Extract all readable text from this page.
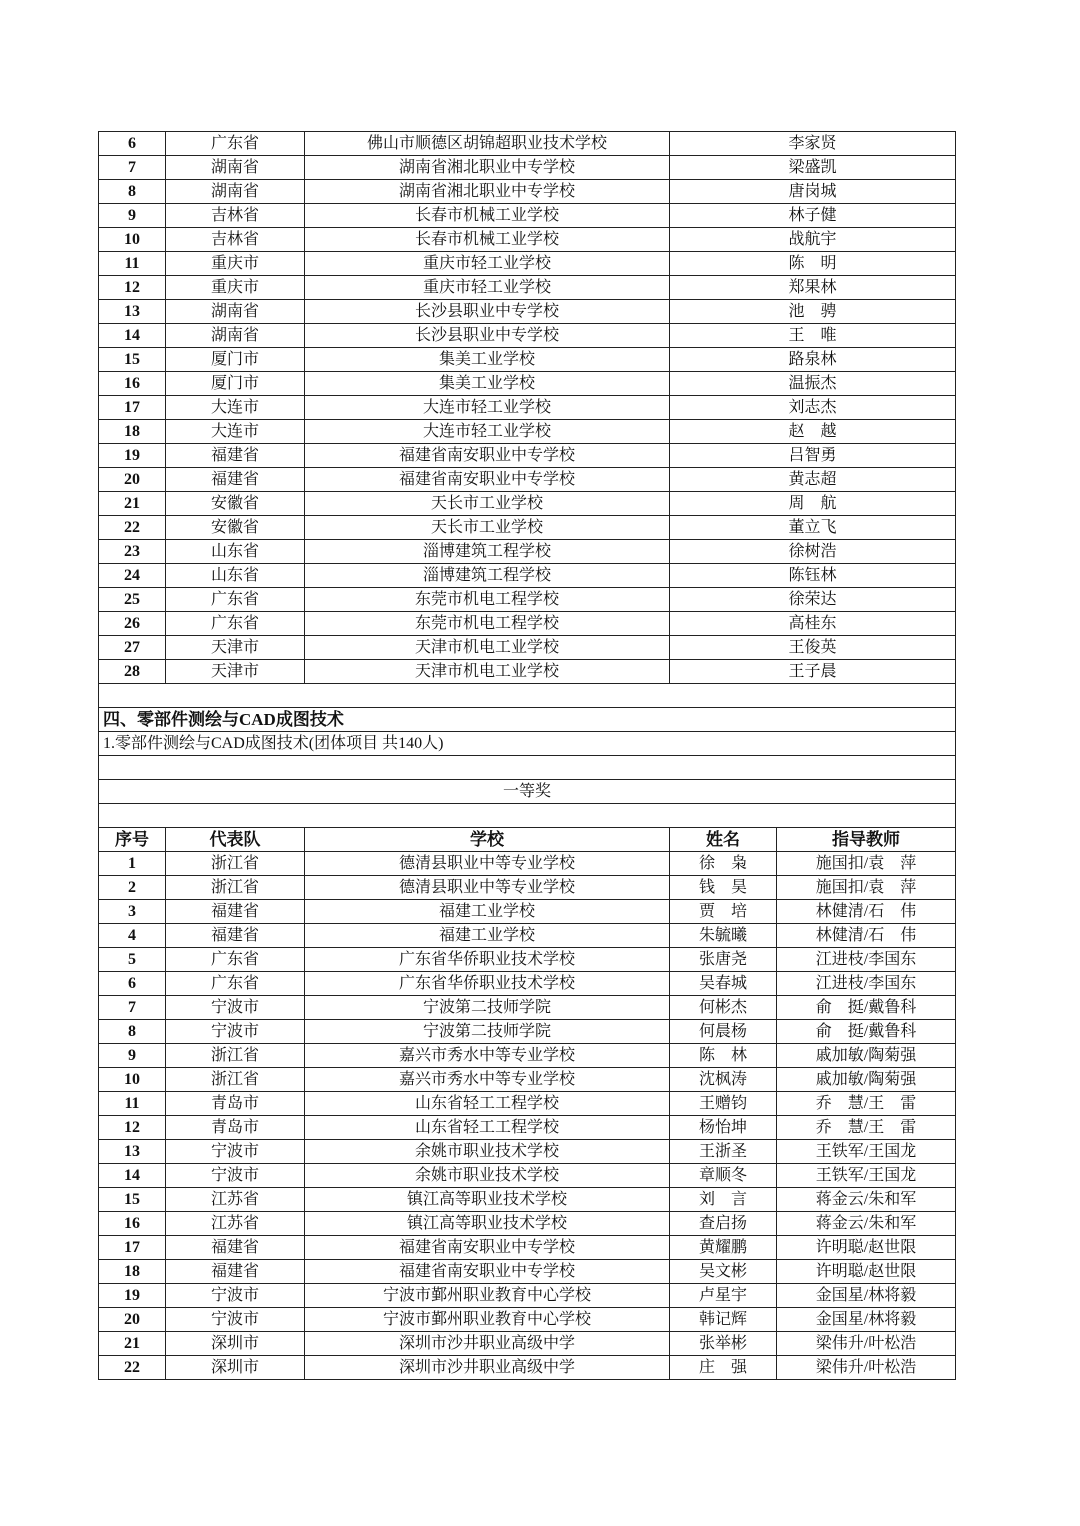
6	广东省	佛山市顺德区胡锦超职业技术学校	李家贤	
7	湖南省	湖南省湘北职业中专学校	梁盛凯	
8	湖南省	湖南省湘北职业中专学校	唐岗城	
9	吉林省	长春市机械工业学校	林子健	
10	吉林省	长春市机械工业学校	战航宇	
11	重庆市	重庆市轻工业学校	陈　明	
12	重庆市	重庆市轻工业学校	郑果林	
13	湖南省	长沙县职业中专学校	池　骋	
14	湖南省	长沙县职业中专学校	王　唯	
15	厦门市	集美工业学校	路泉林	
16	厦门市	集美工业学校	温振杰	
17	大连市	大连市轻工业学校	刘志杰	
18	大连市	大连市轻工业学校	赵　越	
19	福建省	福建省南安职业中专学校	吕智勇	
20	福建省	福建省南安职业中专学校	黄志超	
21	安徽省	天长市工业学校	周　航	
22	安徽省	天长市工业学校	董立飞	
23	山东省	淄博建筑工程学校	徐树浩	
24	山东省	淄博建筑工程学校	陈钰林	
25	广东省	东莞市机电工程学校	徐荣达	
26	广东省	东莞市机电工程学校	高桂东	
27	天津市	天津市机电工业学校	王俊英	
28	天津市	天津市机电工业学校	王子晨	

四、零部件测绘与CAD成图技术				
1.零部件测绘与CAD成图技术(团体项目 共140人)				

一等奖				

序号	代表队	学校	姓名	指导教师
1	浙江省	德清县职业中等专业学校	徐　枭	施国扣/袁　萍
2	浙江省	德清县职业中等专业学校	钱　昊	施国扣/袁　萍
3	福建省	福建工业学校	贾　培	林健清/石　伟
4	福建省	福建工业学校	朱毓曦	林健清/石　伟
5	广东省	广东省华侨职业技术学校	张唐尧	江进枝/李国东
6	广东省	广东省华侨职业技术学校	吴春城	江进枝/李国东
7	宁波市	宁波第二技师学院	何彬杰	俞　挺/戴鲁科
8	宁波市	宁波第二技师学院	何晨杨	俞　挺/戴鲁科
9	浙江省	嘉兴市秀水中等专业学校	陈　林	戚加敏/陶菊强
10	浙江省	嘉兴市秀水中等专业学校	沈枫涛	戚加敏/陶菊强
11	青岛市	山东省轻工工程学校	王赠钧	乔　慧/王　雷
12	青岛市	山东省轻工工程学校	杨怡坤	乔　慧/王　雷
13	宁波市	余姚市职业技术学校	王浙圣	王铁军/王国龙
14	宁波市	余姚市职业技术学校	章顺冬	王铁军/王国龙
15	江苏省	镇江高等职业技术学校	刘　言	蒋金云/朱和军
16	江苏省	镇江高等职业技术学校	查启扬	蒋金云/朱和军
17	福建省	福建省南安职业中专学校	黄耀鹏	许明聪/赵世限
18	福建省	福建省南安职业中专学校	吴文彬	许明聪/赵世限
19	宁波市	宁波市鄞州职业教育中心学校	卢星宇	金国星/林将毅
20	宁波市	宁波市鄞州职业教育中心学校	韩记辉	金国星/林将毅
21	深圳市	深圳市沙井职业高级中学	张举彬	梁伟升/叶松浩
22	深圳市	深圳市沙井职业高级中学	庄　强	梁伟升/叶松浩
